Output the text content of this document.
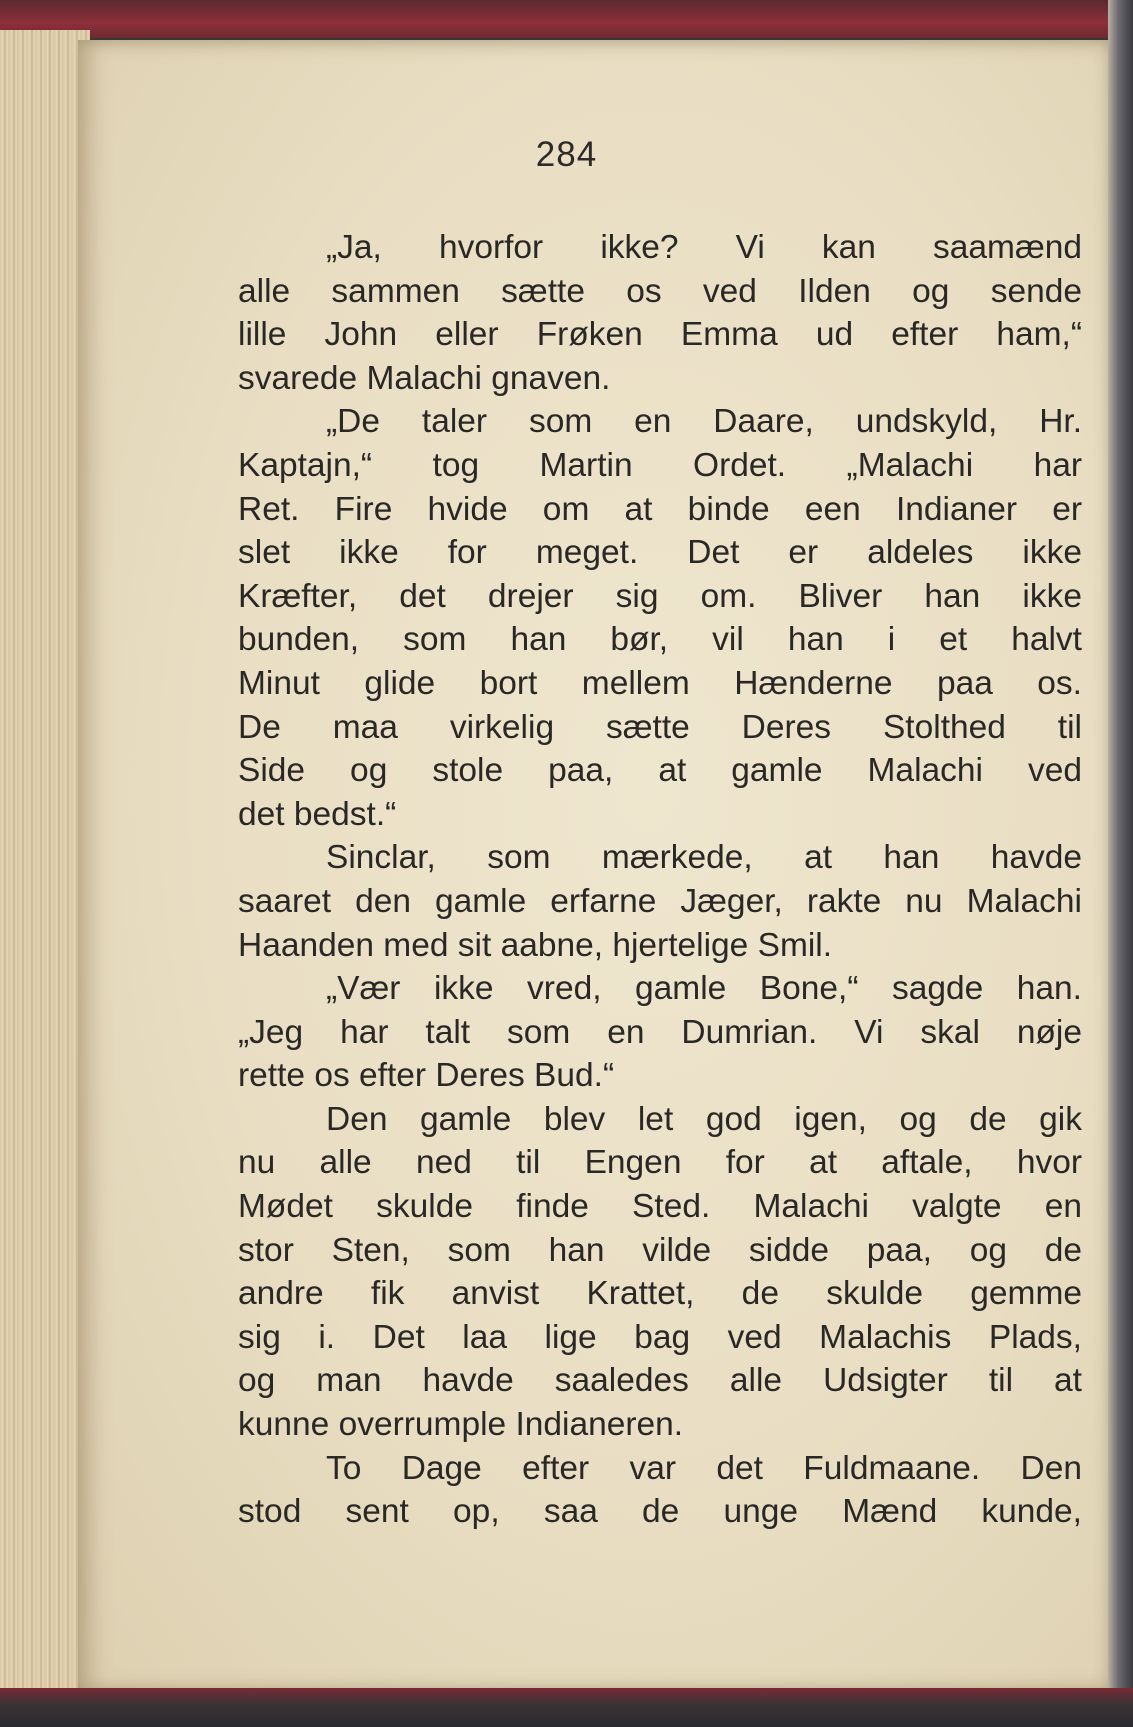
284
„Ja, hvorfor ikke? Vi kan saamænd
alle sammen sætte os ved Ilden og sende
lille John eller Frøken Emma ud efter ham,“
svarede Malachi gnaven.
„De taler som en Daare, undskyld, Hr.
Kaptajn,“ tog Martin Ordet. „Malachi har
Ret. Fire hvide om at binde een Indianer er
slet ikke for meget. Det er aldeles ikke
Kræfter, det drejer sig om. Bliver han ikke
bunden, som han bør, vil han i et halvt
Minut glide bort mellem Hænderne paa os.
De maa virkelig sætte Deres Stolthed til
Side og stole paa, at gamle Malachi ved
det bedst.“
Sinclar, som mærkede, at han havde
saaret den gamle erfarne Jæger, rakte nu Malachi
Haanden med sit aabne, hjertelige Smil.
„Vær ikke vred, gamle Bone,“ sagde han.
„Jeg har talt som en Dumrian. Vi skal nøje
rette os efter Deres Bud.“
Den gamle blev let god igen, og de gik
nu alle ned til Engen for at aftale, hvor
Mødet skulde finde Sted. Malachi valgte en
stor Sten, som han vilde sidde paa, og de
andre fik anvist Krattet, de skulde gemme
sig i. Det laa lige bag ved Malachis Plads,
og man havde saaledes alle Udsigter til at
kunne overrumple Indianeren.
To Dage efter var det Fuldmaane. Den
stod sent op, saa de unge Mænd kunde,
